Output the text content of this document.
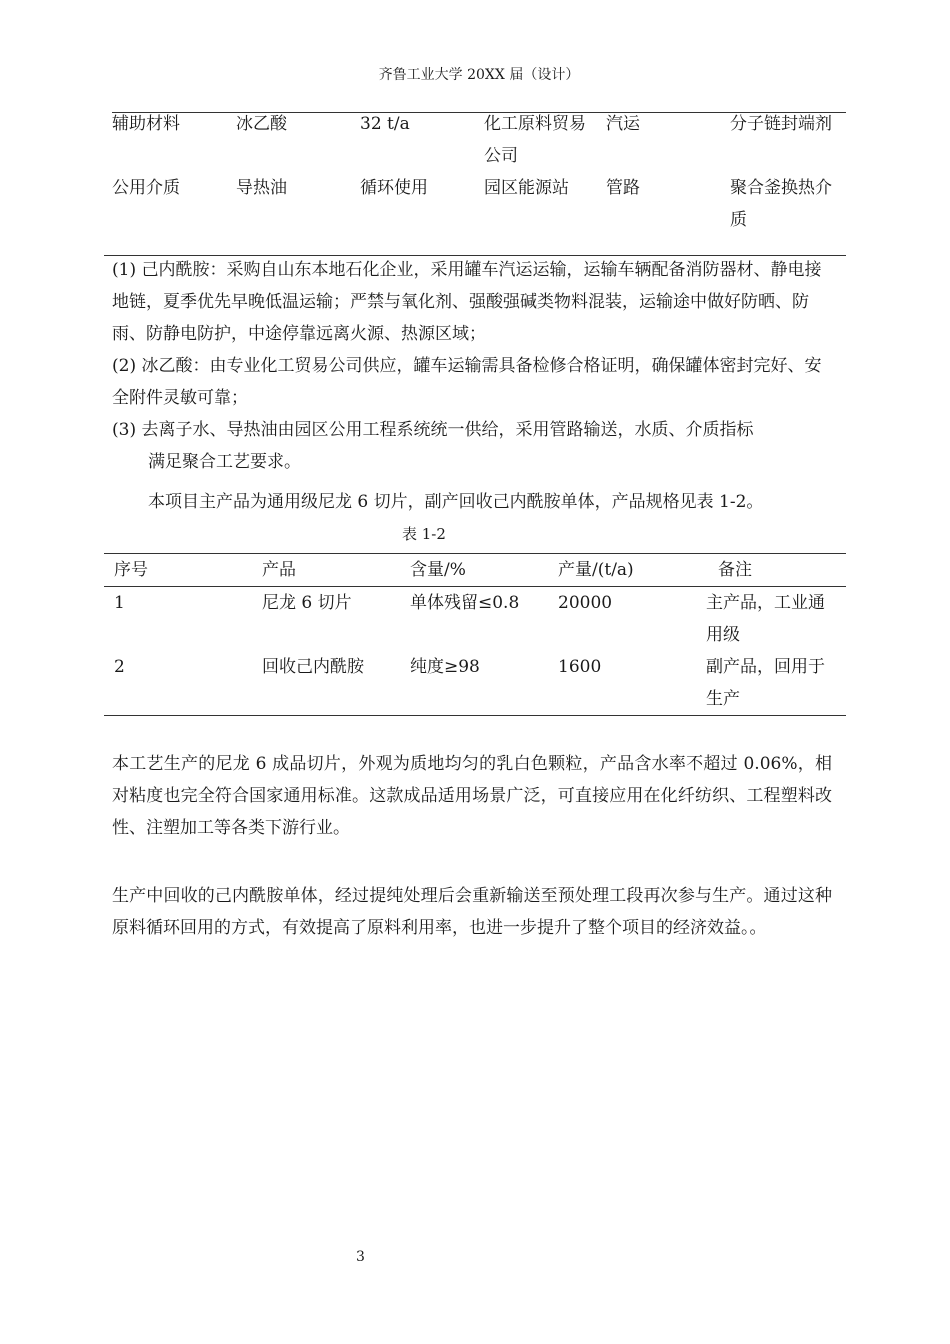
齐鲁工业大学 20XX 届（设计）
辅助材料	冰乙酸	32 t/a	化工原料贸易公司	汽运	分子链封端剂
公用介质	导热油	循环使用	园区能源站	管路	聚合釜换热介质

(1) 己内酰胺：采购自山东本地石化企业，采用罐车汽运运输，运输车辆配备消防器材、静电接地链，夏季优先早晚低温运输；严禁与氧化剂、强酸强碱类物料混装，运输途中做好防晒、防雨、防静电防护，中途停靠远离火源、热源区域；

(2) 冰乙酸：由专业化工贸易公司供应，罐车运输需具备检修合格证明，确保罐体密封完好、安全附件灵敏可靠；

(3) 去离子水、导热油由园区公用工程系统统一供给，采用管路输送，水质、介质指标
满足聚合工艺要求。

本项目主产品为通用级尼龙 6 切片，副产回收己内酰胺单体，产品规格见表 1-2。

表 1-2
序号	产品	含量/%	产量/(t/a)	备注
1	尼龙 6 切片	单体残留≤0.8	20000	主产品，工业通用级
2	回收己内酰胺	纯度≥98	1600	副产品，回用于生产

本工艺生产的尼龙 6 成品切片，外观为质地均匀的乳白色颗粒，产品含水率不超过 0.06%，相对粘度也完全符合国家通用标准。这款成品适用场景广泛，可直接应用在化纤纺织、工程塑料改性、注塑加工等各类下游行业。

生产中回收的己内酰胺单体，经过提纯处理后会重新输送至预处理工段再次参与生产。通过这种原料循环回用的方式，有效提高了原料利用率，也进一步提升了整个项目的经济效益。。

3
